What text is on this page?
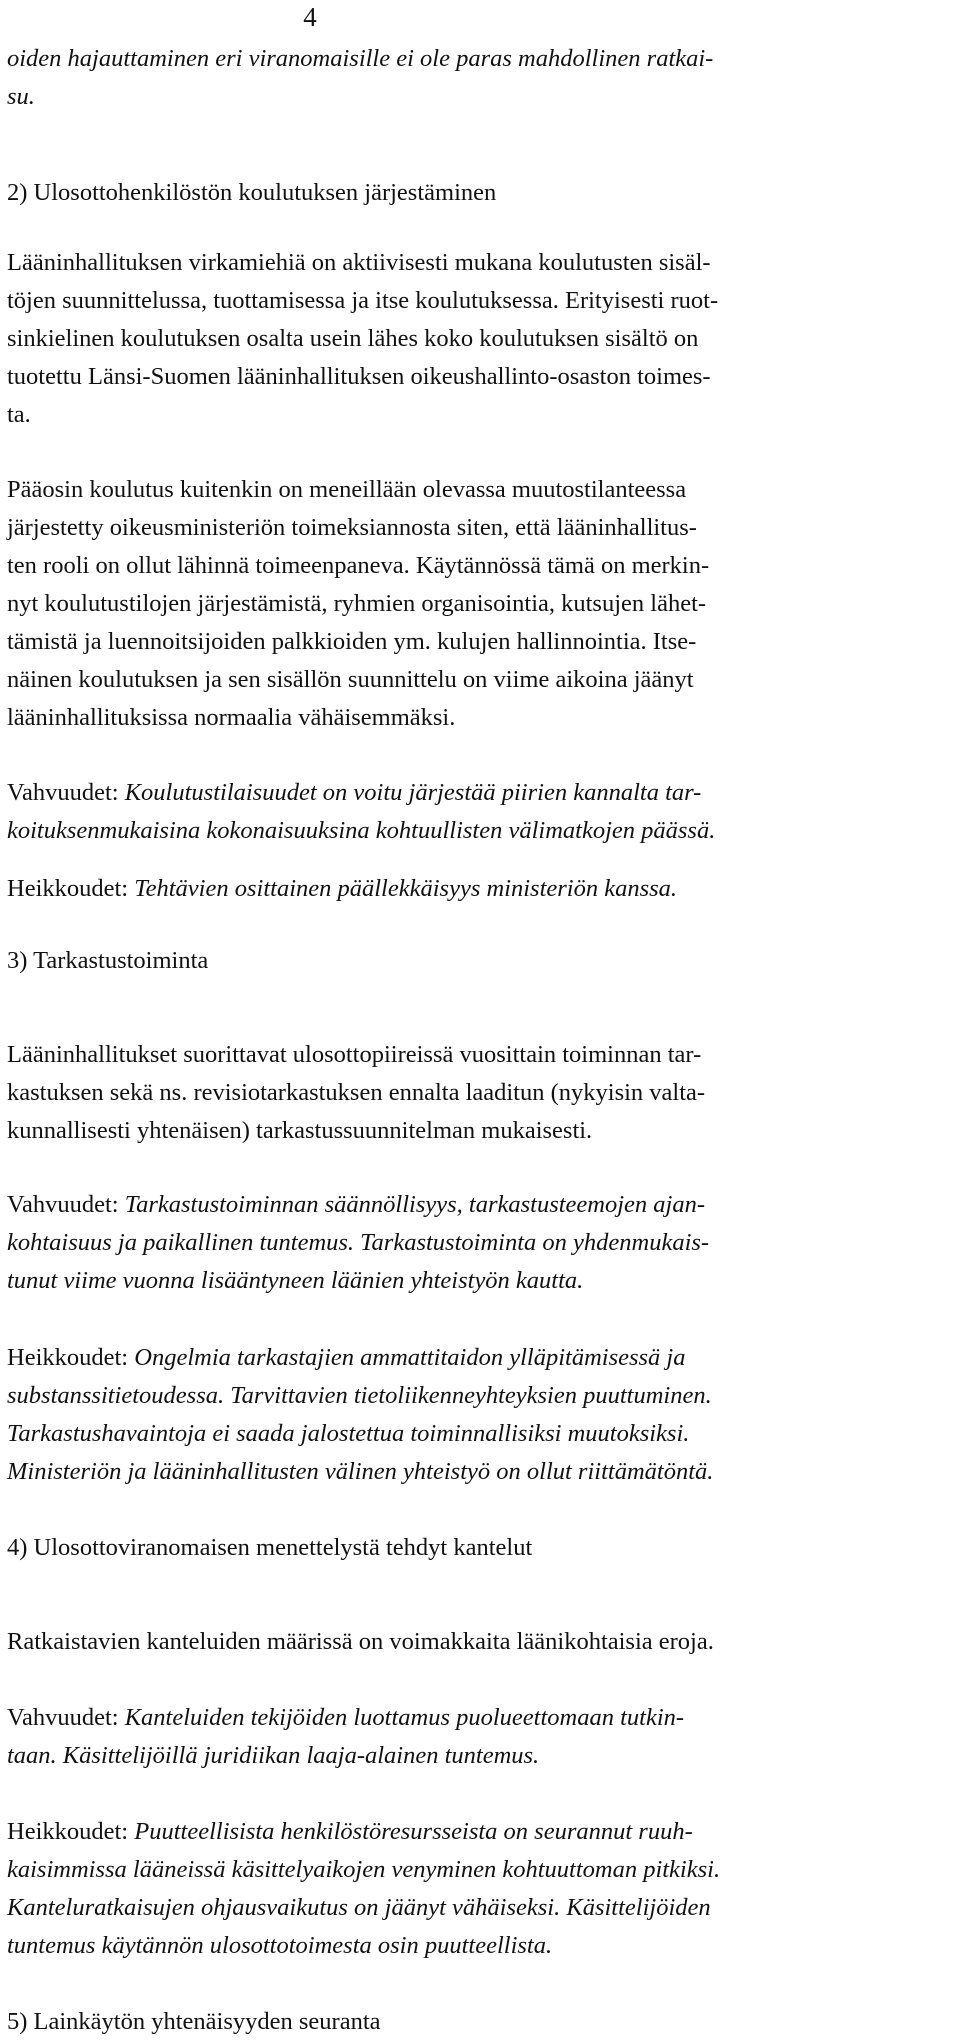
4
oiden hajauttaminen eri viranomaisille ei ole paras mahdollinen ratkai-
su.
2) Ulosottohenkilöstön koulutuksen järjestäminen
Lääninhallituksen virkamiehiä on aktiivisesti mukana koulutusten sisäl-
töjen suunnittelussa, tuottamisessa ja itse koulutuksessa. Erityisesti ruot-
sinkielinen koulutuksen osalta usein lähes koko koulutuksen sisältö on
tuotettu Länsi-Suomen lääninhallituksen oikeushallinto-osaston toimes-
ta.
Pääosin koulutus kuitenkin on meneillään olevassa muutostilanteessa
järjestetty oikeusministeriön toimeksiannosta siten, että lääninhallitus-
ten rooli on ollut lähinnä toimeenpaneva. Käytännössä tämä on merkin-
nyt koulutustilojen järjestämistä, ryhmien organisointia, kutsujen lähet-
tämistä ja luennoitsijoiden palkkioiden ym. kulujen hallinnointia. Itse-
näinen koulutuksen ja sen sisällön suunnittelu on viime aikoina jäänyt
lääninhallituksissa normaalia vähäisemmäksi.
Vahvuudet: Koulutustilaisuudet on voitu järjestää piirien kannalta tar-
koituksenmukaisina kokonaisuuksina kohtuullisten välimatkojen päässä.
Heikkoudet: Tehtävien osittainen päällekkäisyys ministeriön kanssa.
3) Tarkastustoiminta
Lääninhallitukset suorittavat ulosottopiireissä vuosittain toiminnan tar-
kastuksen sekä ns. revisiotarkastuksen ennalta laaditun (nykyisin valta-
kunnallisesti yhtenäisen) tarkastussuunnitelman mukaisesti.
Vahvuudet: Tarkastustoiminnan säännöllisyys, tarkastusteemojen ajan-
kohtaisuus ja paikallinen tuntemus. Tarkastustoiminta on yhdenmukais-
tunut viime vuonna lisääntyneen läänien yhteistyön kautta.
Heikkoudet: Ongelmia tarkastajien ammattitaidon ylläpitämisessä ja
substanssitietoudessa. Tarvittavien tietoliikenneyhteyksien puuttuminen.
Tarkastushavaintoja ei saada jalostettua toiminnallisiksi muutoksiksi.
Ministeriön ja lääninhallitusten välinen yhteistyö on ollut riittämätöntä.
4) Ulosottoviranomaisen menettelystä tehdyt kantelut
Ratkaistavien kanteluiden määrissä on voimakkaita läänikohtaisia eroja.
Vahvuudet: Kanteluiden tekijöiden luottamus puolueettomaan tutkin-
taan. Käsittelijöillä juridiikan laaja-alainen tuntemus.
Heikkoudet: Puutteellisista henkilöstöresursseista on seurannut ruuh-
kaisimmissa lääneissä käsittelyaikojen venyminen kohtuuttoman pitkiksi.
Kanteluratkaisujen ohjausvaikutus on jäänyt vähäiseksi. Käsittelijöiden
tuntemus käytännön ulosottotoimesta osin puutteellista.
5) Lainkäytön yhtenäisyyden seuranta
